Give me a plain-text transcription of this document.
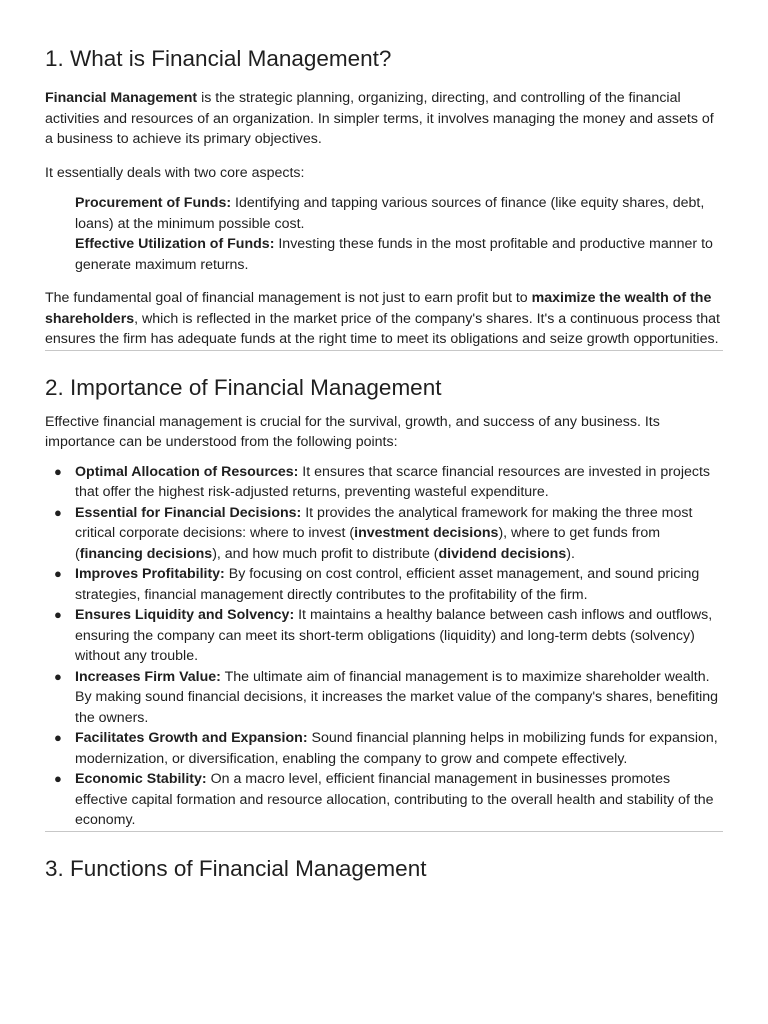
1. What is Financial Management?

Financial Management is the strategic planning, organizing, directing, and controlling of the financial activities and resources of an organization. In simpler terms, it involves managing the money and assets of a business to achieve its primary objectives.

It essentially deals with two core aspects:

Procurement of Funds: Identifying and tapping various sources of finance (like equity shares, debt, loans) at the minimum possible cost.

Effective Utilization of Funds: Investing these funds in the most profitable and productive manner to generate maximum returns.

The fundamental goal of financial management is not just to earn profit but to maximize the wealth of the shareholders, which is reflected in the market price of the company's shares. It's a continuous process that ensures the firm has adequate funds at the right time to meet its obligations and seize growth opportunities.

2. Importance of Financial Management

Effective financial management is crucial for the survival, growth, and success of any business. Its importance can be understood from the following points:

● Optimal Allocation of Resources: It ensures that scarce financial resources are invested in projects that offer the highest risk-adjusted returns, preventing wasteful expenditure.
● Essential for Financial Decisions: It provides the analytical framework for making the three most critical corporate decisions: where to invest (investment decisions), where to get funds from (financing decisions), and how much profit to distribute (dividend decisions).
● Improves Profitability: By focusing on cost control, efficient asset management, and sound pricing strategies, financial management directly contributes to the profitability of the firm.
● Ensures Liquidity and Solvency: It maintains a healthy balance between cash inflows and outflows, ensuring the company can meet its short-term obligations (liquidity) and long-term debts (solvency) without any trouble.
● Increases Firm Value: The ultimate aim of financial management is to maximize shareholder wealth. By making sound financial decisions, it increases the market value of the company's shares, benefiting the owners.
● Facilitates Growth and Expansion: Sound financial planning helps in mobilizing funds for expansion, modernization, or diversification, enabling the company to grow and compete effectively.
● Economic Stability: On a macro level, efficient financial management in businesses promotes effective capital formation and resource allocation, contributing to the overall health and stability of the economy.
3. Functions of Financial Management
